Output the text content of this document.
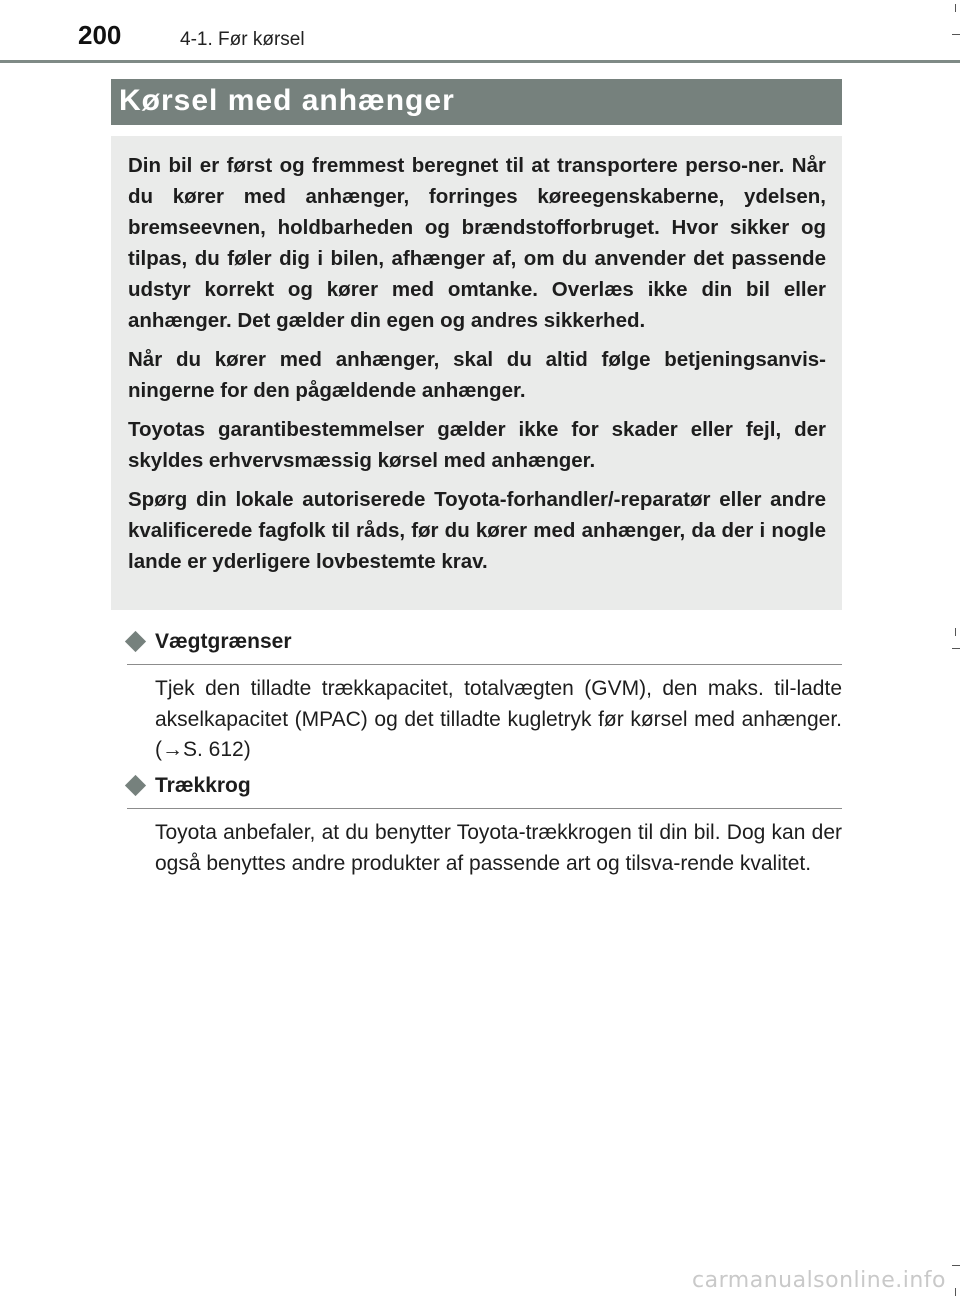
200	4-1. Før kørsel
Kørsel med anhænger

Din bil er først og fremmest beregnet til at transportere perso-ner. Når du kører med anhænger, forringes køreegenskaberne, ydelsen, bremseevnen, holdbarheden og brændstofforbruget. Hvor sikker og tilpas, du føler dig i bilen, afhænger af, om du anvender det passende udstyr korrekt og kører med omtanke. Overlæs ikke din bil eller anhænger. Det gælder din egen og andres sikkerhed.

Når du kører med anhænger, skal du altid følge betjeningsanvis-ningerne for den pågældende anhænger.

Toyotas garantibestemmelser gælder ikke for skader eller fejl, der skyldes erhvervsmæssig kørsel med anhænger.

Spørg din lokale autoriserede Toyota-forhandler/-reparatør eller andre kvalificerede fagfolk til råds, før du kører med anhænger, da der i nogle lande er yderligere lovbestemte krav.

Vægtgrænser
Tjek den tilladte trækkapacitet, totalvægten (GVM), den maks. til-ladte akselkapacitet (MPAC) og det tilladte kugletryk før kørsel med anhænger. (→S. 612)
Trækkrog
Toyota anbefaler, at du benytter Toyota-trækkrogen til din bil. Dog kan der også benyttes andre produkter af passende art og tilsva-rende kvalitet.
carmanualsonline.info
